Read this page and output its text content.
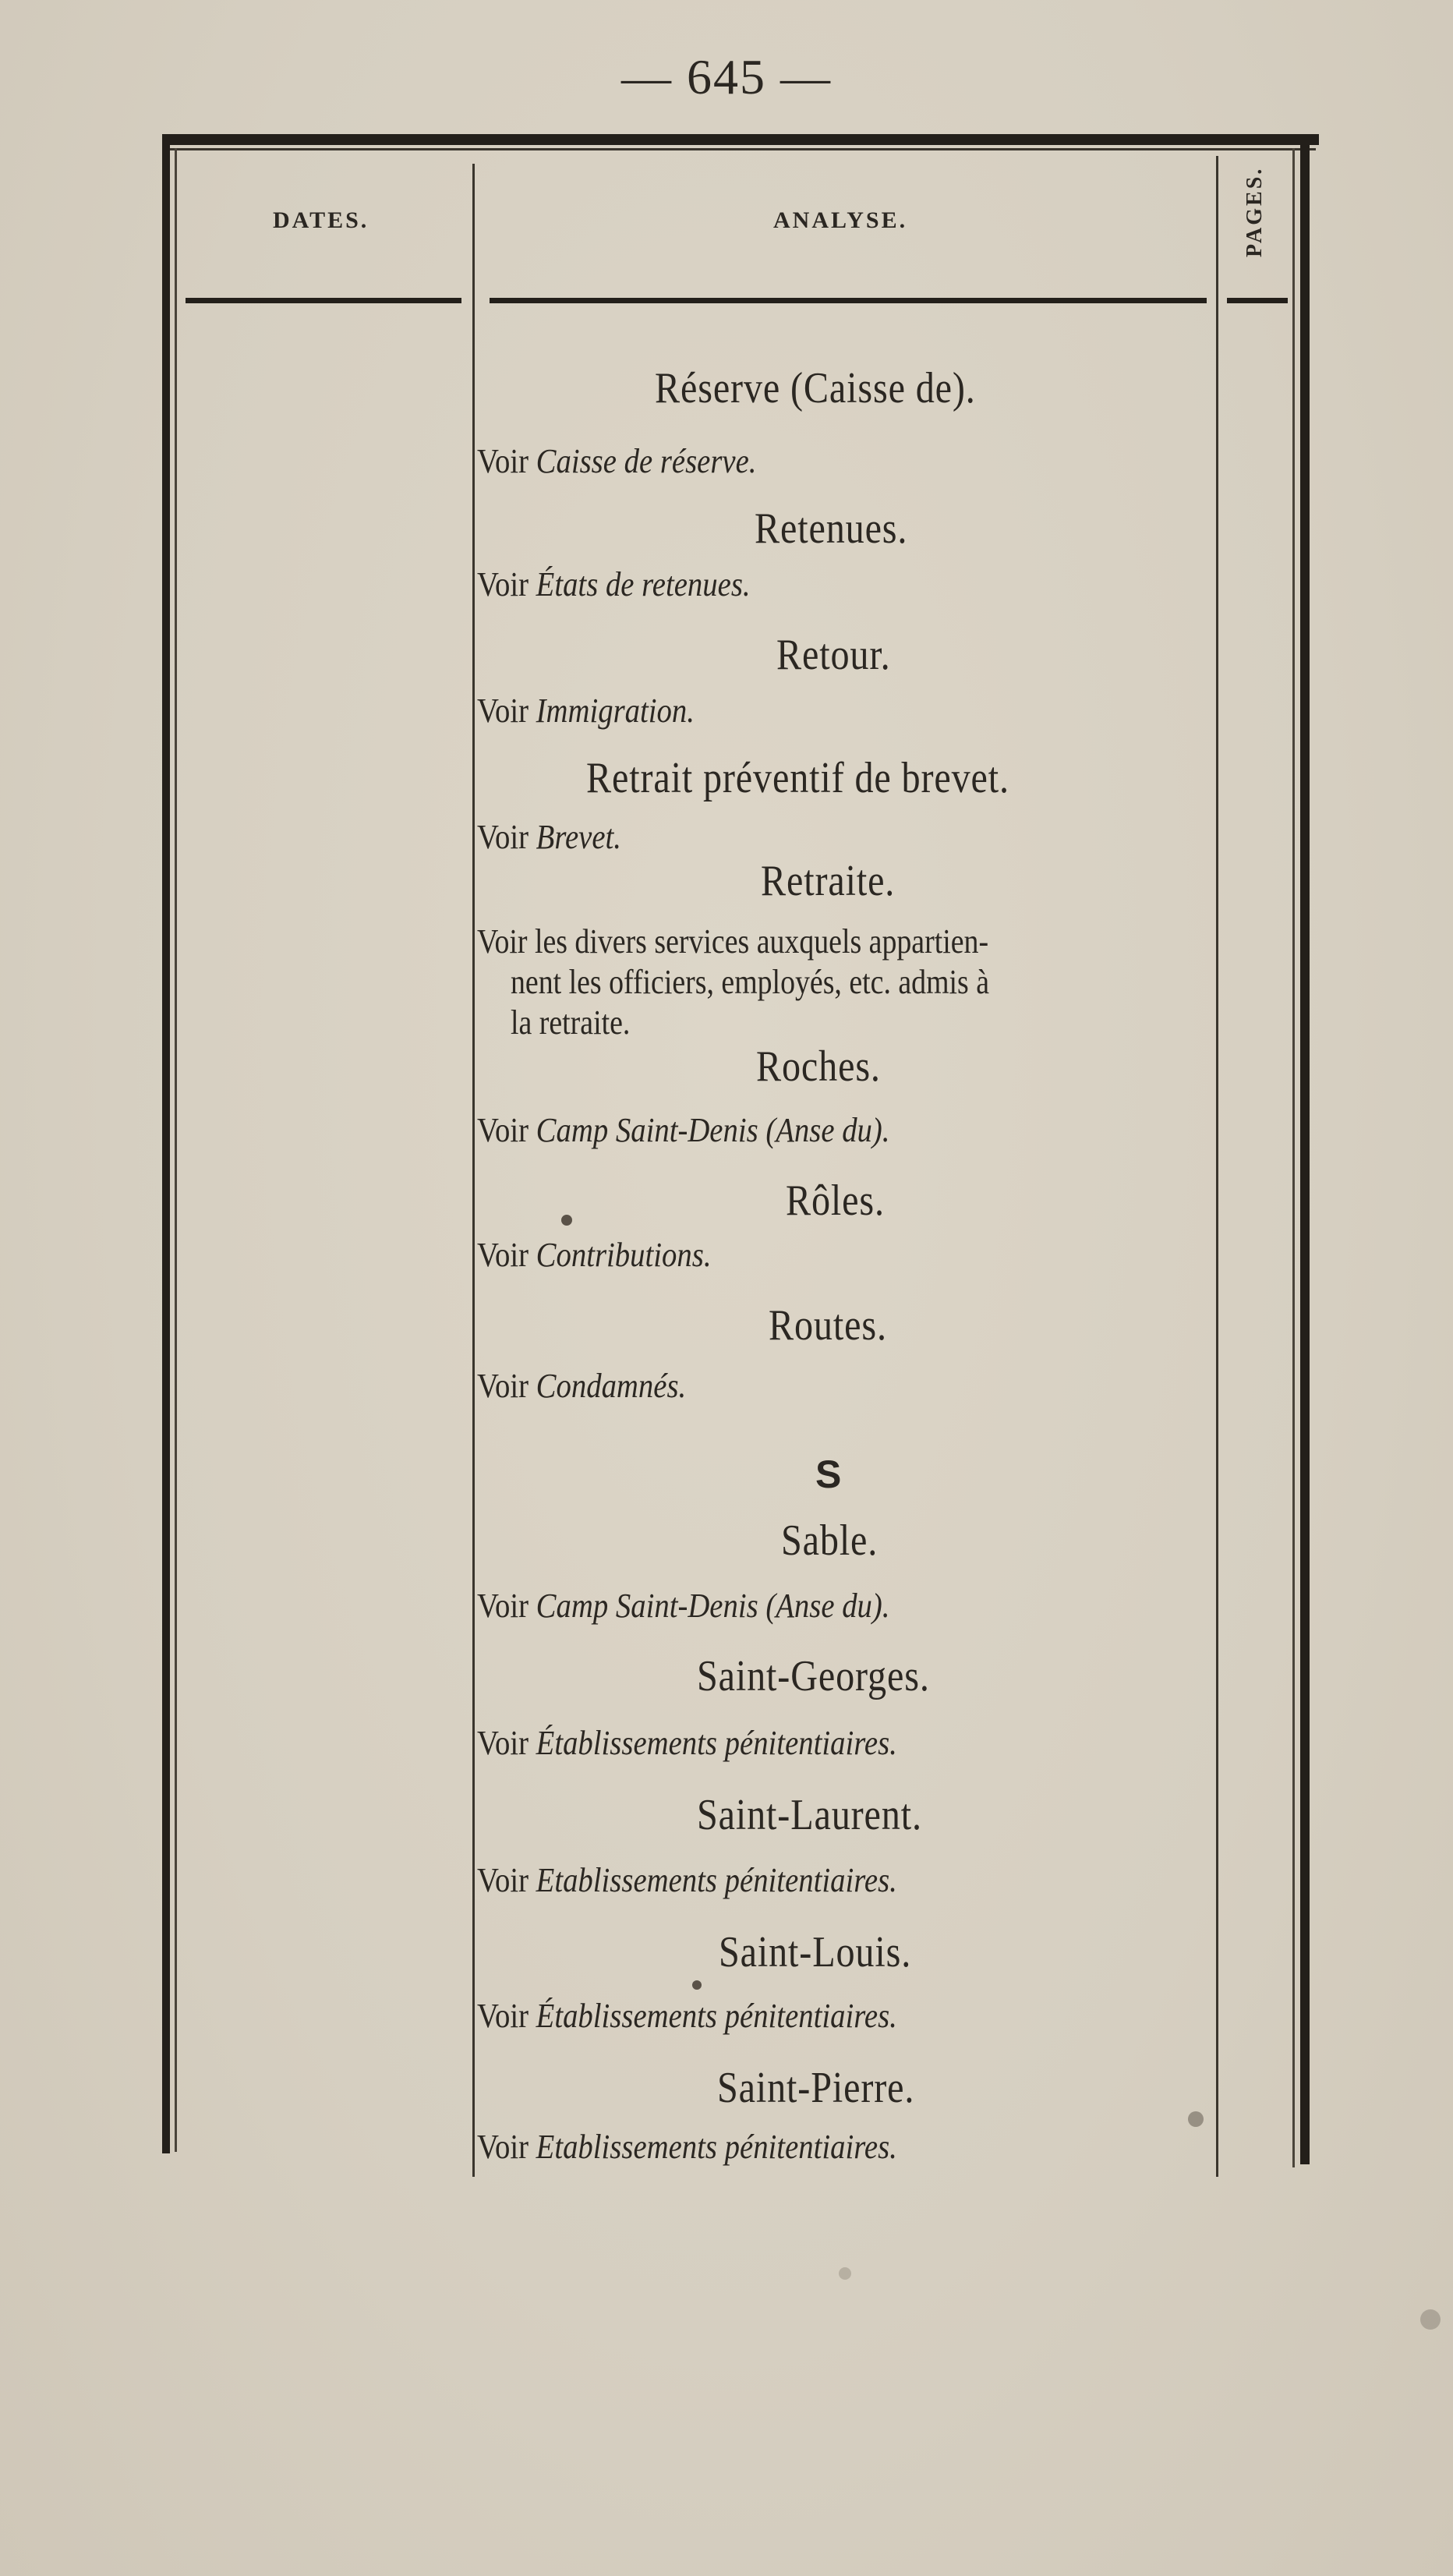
— 645 —
DATES.	ANALYSE.	PAGES.
Réserve (Caisse de).
Voir Caisse de réserve.
Retenues.
Voir États de retenues.
Retour.
Voir Immigration.
Retrait préventif de brevet.
Voir Brevet.
Retraite.
Voir les divers services auxquels appartien-
nent les officiers, employés, etc. admis à
la retraite.
Roches.
Voir Camp Saint-Denis (Anse du).
Rôles.
Voir Contributions.
Routes.
Voir Condamnés.
S
Sable.
Voir Camp Saint-Denis (Anse du).
Saint-Georges.
Voir Établissements pénitentiaires.
Saint-Laurent.
Voir Etablissements pénitentiaires.
Saint-Louis.
Voir Établissements pénitentiaires.
Saint-Pierre.
Voir Etablissements pénitentiaires.
